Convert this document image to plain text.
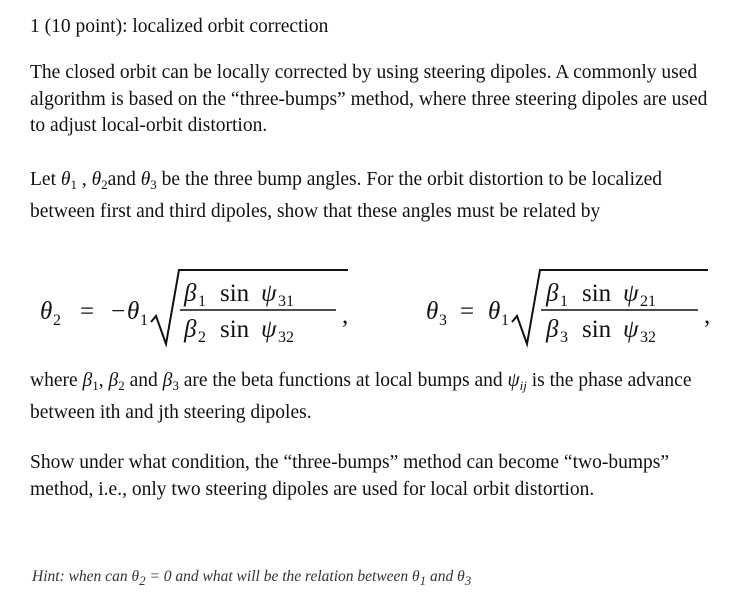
1 (10 point): localized orbit correction
The closed orbit can be locally corrected by using steering dipoles. A commonly used algorithm is based on the “three-bumps” method, where three steering dipoles are used to adjust local-orbit distortion.
Let $\theta_1$ , $\theta_2and$ $\theta_3$ be the three bump angles. For the orbit distortion to be localized between first and third dipoles, show that these angles must be related by
θ 2 = − θ 1
β 1 sin ψ 31
β 2 sin ψ 32
,	θ 3 = θ 1
β 1 sin ψ 21
β 3 sin ψ 32
,
where $\beta_1$, $\beta_2$ and $\beta_3$ are the beta functions at local bumps and $\psi_{ij}$ is the phase advance between ith and jth steering dipoles.
Show under what condition, the “three-bumps” method can become “two-bumps” method, i.e., only two steering dipoles are used for local orbit distortion.
Hint: when can $\theta_2 = 0$ and what will be the relation between $\theta_1$ and $\theta_3$
